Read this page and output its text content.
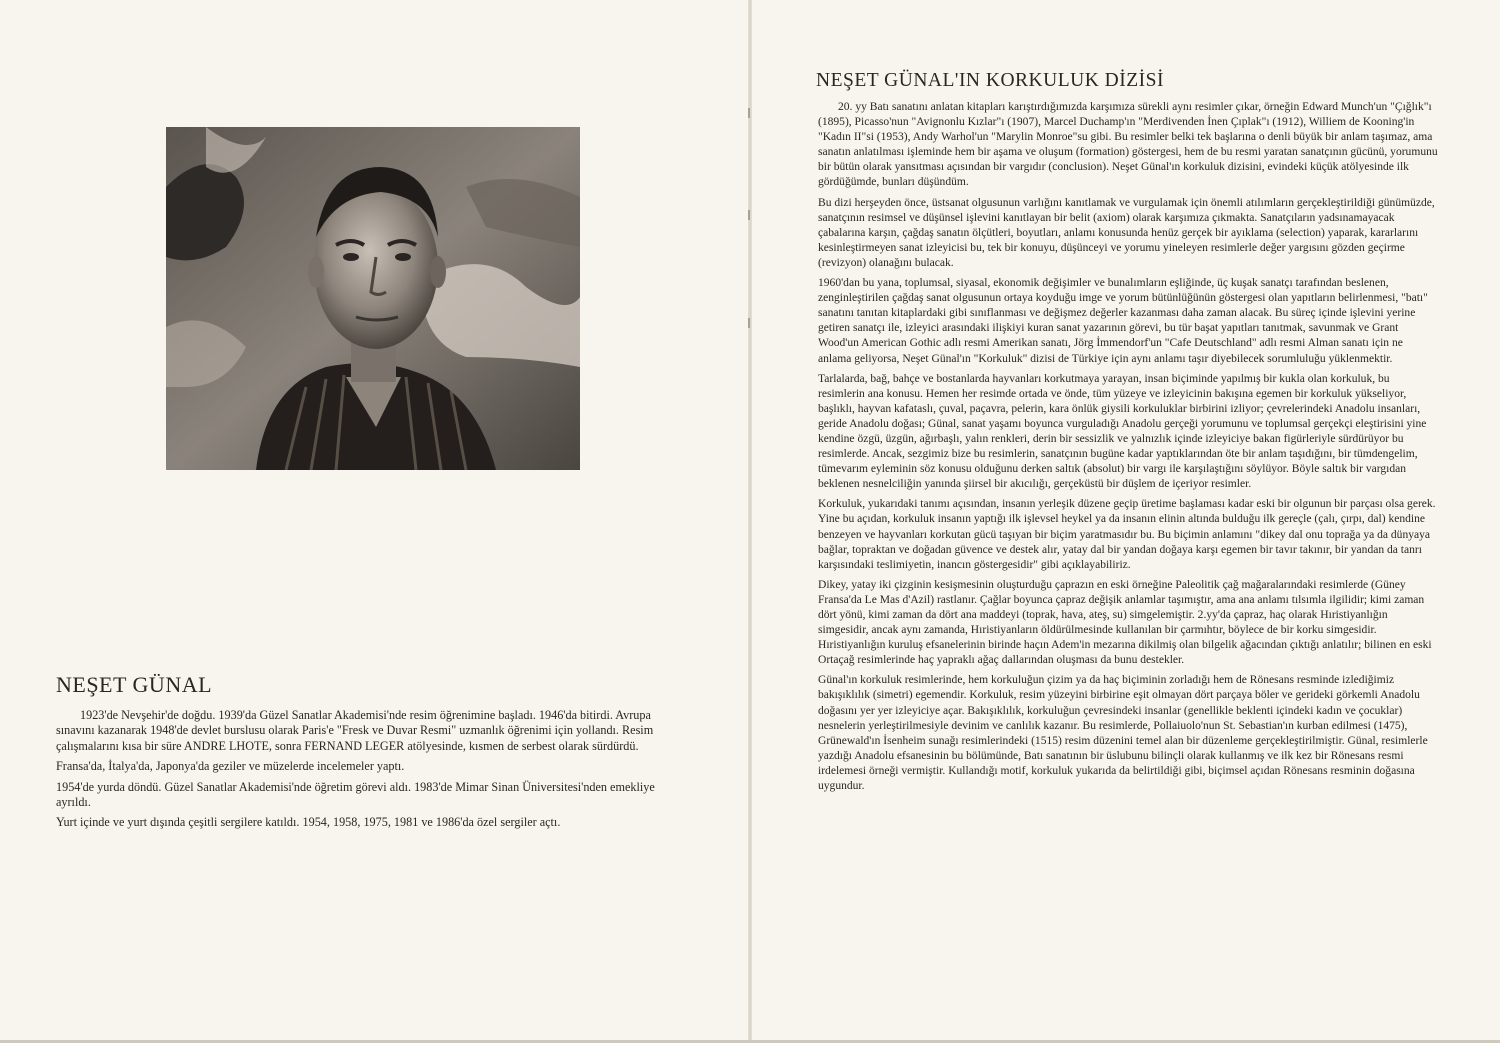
NEŞET GÜNAL

1923'de Nevşehir'de doğdu. 1939'da Güzel Sanatlar Akademisi'nde resim öğrenimine başladı. 1946'da bitirdi. Avrupa sınavını kazanarak 1948'de devlet burslusu olarak Paris'e "Fresk ve Duvar Resmi" uzmanlık öğrenimi için yollandı. Resim çalışmalarını kısa bir süre ANDRE LHOTE, sonra FERNAND LEGER atölyesinde, kısmen de serbest olarak sürdürdü.

Fransa'da, İtalya'da, Japonya'da geziler ve müzelerde incelemeler yaptı.

1954'de yurda döndü. Güzel Sanatlar Akademisi'nde öğretim görevi aldı. 1983'de Mimar Sinan Üniversitesi'nden emekliye ayrıldı.

Yurt içinde ve yurt dışında çeşitli sergilere katıldı. 1954, 1958, 1975, 1981 ve 1986'da özel sergiler açtı.

NEŞET GÜNAL'IN KORKULUK DİZİSİ

20. yy Batı sanatını anlatan kitapları karıştırdığımızda karşımıza sürekli aynı resimler çıkar, örneğin Edward Munch'un "Çığlık"ı (1895), Picasso'nun "Avignonlu Kızlar"ı (1907), Marcel Duchamp'ın "Merdivenden İnen Çıplak"ı (1912), Williem de Kooning'in "Kadın II"si (1953), Andy Warhol'un "Marylin Monroe"su gibi. Bu resimler belki tek başlarına o denli büyük bir anlam taşımaz, ama sanatın anlatılması işleminde hem bir aşama ve oluşum (formation) göstergesi, hem de bu resmi yaratan sanatçının gücünü, yorumunu bir bütün olarak yansıtması açısından bir vargıdır (conclusion). Neşet Günal'ın korkuluk dizisini, evindeki küçük atölyesinde ilk gördüğümde, bunları düşündüm.

Bu dizi herşeyden önce, üstsanat olgusunun varlığını kanıtlamak ve vurgulamak için önemli atılımların gerçekleştirildiği günümüzde, sanatçının resimsel ve düşünsel işlevini kanıtlayan bir belit (axiom) olarak karşımıza çıkmakta. Sanatçıların yadsınamayacak çabalarına karşın, çağdaş sanatın ölçütleri, boyutları, anlamı konusunda henüz gerçek bir ayıklama (selection) yaparak, kararlarını kesinleştirmeyen sanat izleyicisi bu, tek bir konuyu, düşünceyi ve yorumu yineleyen resimlerle değer yargısını gözden geçirme (revizyon) olanağını bulacak.

1960'dan bu yana, toplumsal, siyasal, ekonomik değişimler ve bunalımların eşliğinde, üç kuşak sanatçı tarafından beslenen, zenginleştirilen çağdaş sanat olgusunun ortaya koyduğu imge ve yorum bütünlüğünün göstergesi olan yapıtların belirlenmesi, "batı" sanatını tanıtan kitaplardaki gibi sınıflanması ve değişmez değerler kazanması daha zaman alacak. Bu süreç içinde işlevini yerine getiren sanatçı ile, izleyici arasındaki ilişkiyi kuran sanat yazarının görevi, bu tür başat yapıtları tanıtmak, savunmak ve Grant Wood'un American Gothic adlı resmi Amerikan sanatı, Jörg İmmendorf'un "Cafe Deutschland" adlı resmi Alman sanatı için ne anlama geliyorsa, Neşet Günal'ın "Korkuluk" dizisi de Türkiye için aynı anlamı taşır diyebilecek sorumluluğu yüklenmektir.

Tarlalarda, bağ, bahçe ve bostanlarda hayvanları korkutmaya yarayan, insan biçiminde yapılmış bir kukla olan korkuluk, bu resimlerin ana konusu. Hemen her resimde ortada ve önde, tüm yüzeye ve izleyicinin bakışına egemen bir korkuluk yükseliyor, başlıklı, hayvan kafataslı, çuval, paçavra, pelerin, kara önlük giysili korkuluklar birbirini izliyor; çevrelerindeki Anadolu insanları, geride Anadolu doğası; Günal, sanat yaşamı boyunca vurguladığı Anadolu gerçeği yorumunu ve toplumsal gerçekçi eleştirisini yine kendine özgü, üzgün, ağırbaşlı, yalın renkleri, derin bir sessizlik ve yalnızlık içinde izleyiciye bakan figürleriyle sürdürüyor bu resimlerde. Ancak, sezgimiz bize bu resimlerin, sanatçının bugüne kadar yaptıklarından öte bir anlam taşıdığını, bir tümdengelim, tümevarım eyleminin söz konusu olduğunu derken saltık (absolut) bir vargı ile karşılaştığını söylüyor. Böyle saltık bir vargıdan beklenen nesnelciliğin yanında şiirsel bir akıcılığı, gerçeküstü bir düşlem de içeriyor resimler.

Korkuluk, yukarıdaki tanımı açısından, insanın yerleşik düzene geçip üretime başlaması kadar eski bir olgunun bir parçası olsa gerek. Yine bu açıdan, korkuluk insanın yaptığı ilk işlevsel heykel ya da insanın elinin altında bulduğu ilk gereçle (çalı, çırpı, dal) kendine benzeyen ve hayvanları korkutan gücü taşıyan bir biçim yaratmasıdır bu. Bu biçimin anlamını "dikey dal onu toprağa ya da dünyaya bağlar, topraktan ve doğadan güvence ve destek alır, yatay dal bir yandan doğaya karşı egemen bir tavır takınır, bir yandan da tanrı karşısındaki teslimiyetin, inancın göstergesidir" gibi açıklayabiliriz.

Dikey, yatay iki çizginin kesişmesinin oluşturduğu çaprazın en eski örneğine Paleolitik çağ mağaralarındaki resimlerde (Güney Fransa'da Le Mas d'Azil) rastlanır. Çağlar boyunca çapraz değişik anlamlar taşımıştır, ama ana anlamı tılsımla ilgilidir; kimi zaman dört yönü, kimi zaman da dört ana maddeyi (toprak, hava, ateş, su) simgelemiştir. 2.yy'da çapraz, haç olarak Hıristiyanlığın simgesidir, ancak aynı zamanda, Hıristiyanların öldürülmesinde kullanılan bir çarmıhtır, böylece de bir korku simgesidir. Hıristiyanlığın kuruluş efsanelerinin birinde haçın Adem'in mezarına dikilmiş olan bilgelik ağacından çıktığı anlatılır; bilinen en eski Ortaçağ resimlerinde haç yapraklı ağaç dallarından oluşması da bunu destekler.

Günal'ın korkuluk resimlerinde, hem korkuluğun çizim ya da haç biçiminin zorladığı hem de Rönesans resminde izlediğimiz bakışıklılık (simetri) egemendir. Korkuluk, resim yüzeyini birbirine eşit olmayan dört parçaya böler ve gerideki görkemli Anadolu doğasını yer yer izleyiciye açar. Bakışıklılık, korkuluğun çevresindeki insanlar (genellikle beklenti içindeki kadın ve çocuklar) nesnelerin yerleştirilmesiyle devinim ve canlılık kazanır. Bu resimlerde, Pollaiuolo'nun St. Sebastian'ın kurban edilmesi (1475), Grünewald'ın İsenheim sunağı resimlerindeki (1515) resim düzenini temel alan bir düzenleme gerçekleştirilmiştir. Günal, resimlerle yazdığı Anadolu efsanesinin bu bölümünde, Batı sanatının bir üslubunu bilinçli olarak kullanmış ve ilk kez bir Rönesans resmi irdelemesi örneği vermiştir. Kullandığı motif, korkuluk yukarıda da belirtildiği gibi, biçimsel açıdan Rönesans resminin doğasına uygundur.
